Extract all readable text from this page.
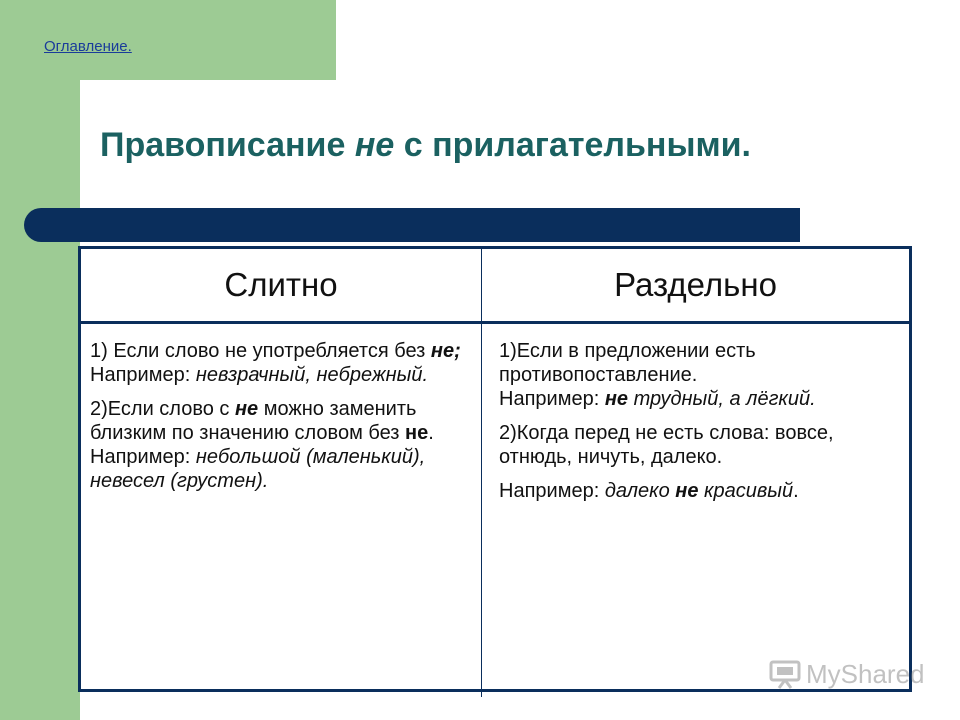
Оглавление.
Правописание не с прилагательными.
Слитно	Раздельно

1) Если слово не употребляется без не;
Например: невзрачный, небрежный.

2)Если слово с не можно заменить близким по значению словом без не.
Например: небольшой (маленький), невесел (грустен).

1)Если в предложении есть противопоставление.
Например: не трудный, а лёгкий.

2)Когда перед не есть слова: вовсе, отнюдь, ничуть, далеко.

Например: далеко не красивый.

MyShared
